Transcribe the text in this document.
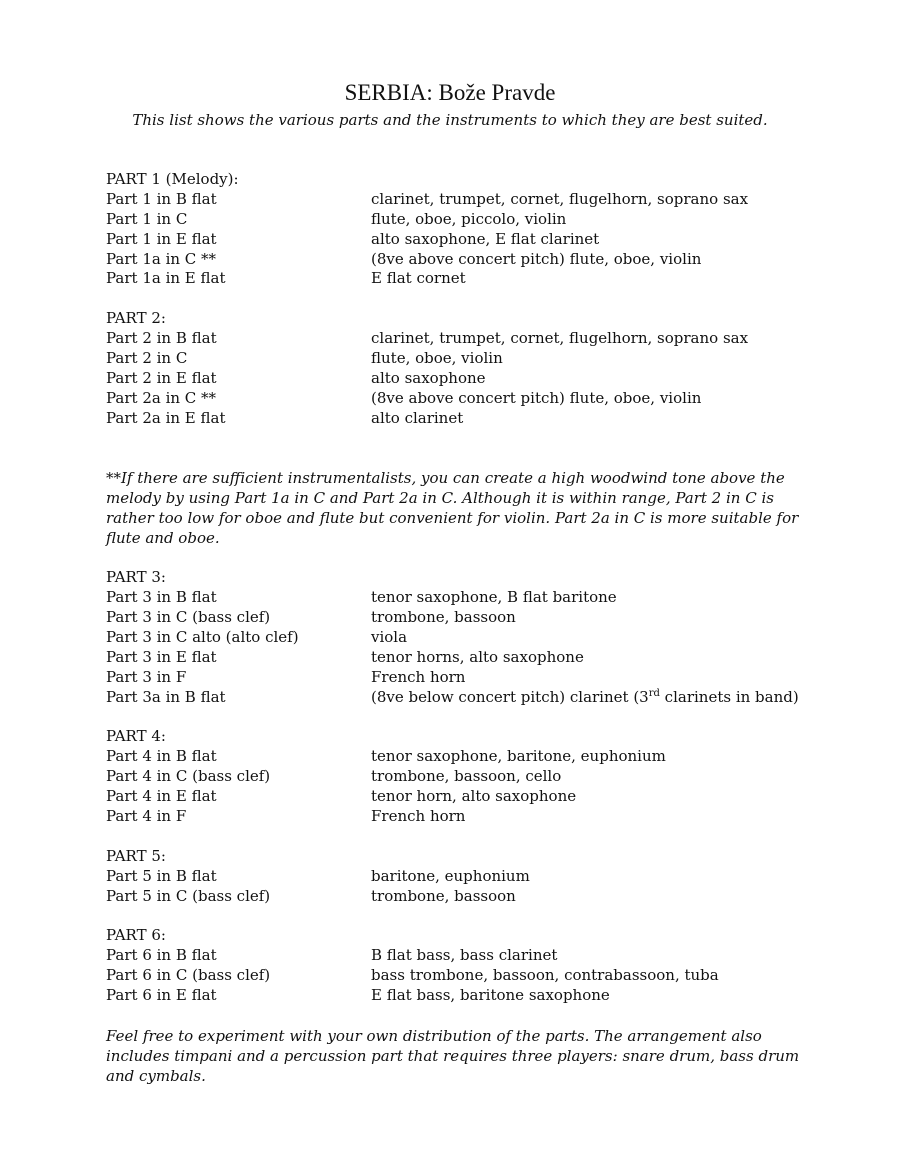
SERBIA: Bože Pravde
This list shows the various parts and the instruments to which they are best suited.
PART 1 (Melody):
Part 1 in B flat	clarinet, trumpet, cornet, flugelhorn, soprano sax
Part 1 in C	flute, oboe, piccolo, violin
Part 1 in E flat	alto saxophone, E flat clarinet
Part 1a in C **	(8ve above concert pitch) flute, oboe, violin
Part 1a in E flat	E flat cornet
PART 2:
Part 2 in B flat	clarinet, trumpet, cornet, flugelhorn, soprano sax
Part 2 in C	flute, oboe, violin
Part 2 in E flat	alto saxophone
Part 2a in C **	(8ve above concert pitch) flute, oboe, violin
Part 2a in E flat	alto clarinet
**If there are sufficient instrumentalists, you can create a high woodwind tone above the melody by using Part 1a in C and Part 2a in C. Although it is within range, Part 2 in C is rather too low for oboe and flute but convenient for violin. Part 2a in C is more suitable for flute and oboe.
PART 3:
Part 3 in B flat	tenor saxophone, B flat baritone
Part 3 in C (bass clef)	trombone, bassoon
Part 3 in C alto (alto clef)	viola
Part 3 in E flat	tenor horns, alto saxophone
Part 3 in F	French horn
Part 3a in B flat	(8ve below concert pitch) clarinet (3rd clarinets in band)
PART 4:
Part 4 in B flat	tenor saxophone, baritone, euphonium
Part 4 in C (bass clef)	trombone, bassoon, cello
Part 4 in E flat	tenor horn, alto saxophone
Part 4 in F	French horn
PART 5:
Part 5 in B flat	baritone, euphonium
Part 5 in C (bass clef)	trombone, bassoon
PART 6:
Part 6 in B flat	B flat bass, bass clarinet
Part 6 in C (bass clef)	bass trombone, bassoon, contrabassoon, tuba
Part 6 in E flat	E flat bass, baritone saxophone
Feel free to experiment with your own distribution of the parts. The arrangement also includes timpani and a percussion part that requires three players: snare drum, bass drum and cymbals.
